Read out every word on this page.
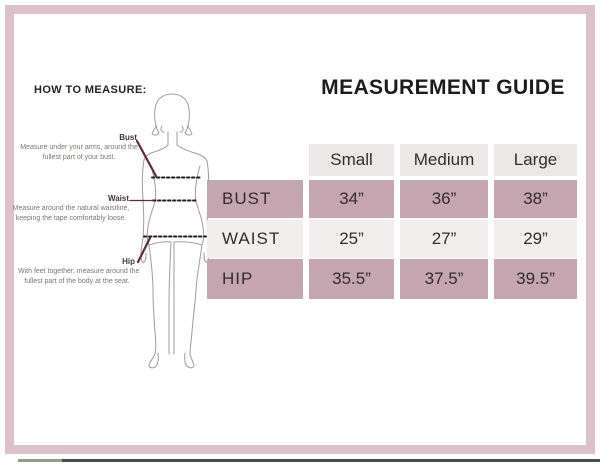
HOW TO MEASURE:	MEASUREMENT GUIDE
Bust
Measure under your arms, around the
fullest part of your bust.
Waist
Measure around the natural waistline,
keeping the tape comfortably loose.
Hip
With feet together, measure around the
fullest part of the body at the seat.
Small	Medium	Large
BUST	34”	36”	38”
WAIST	25”	27”	29”
HIP	35.5”	37.5”	39.5”
